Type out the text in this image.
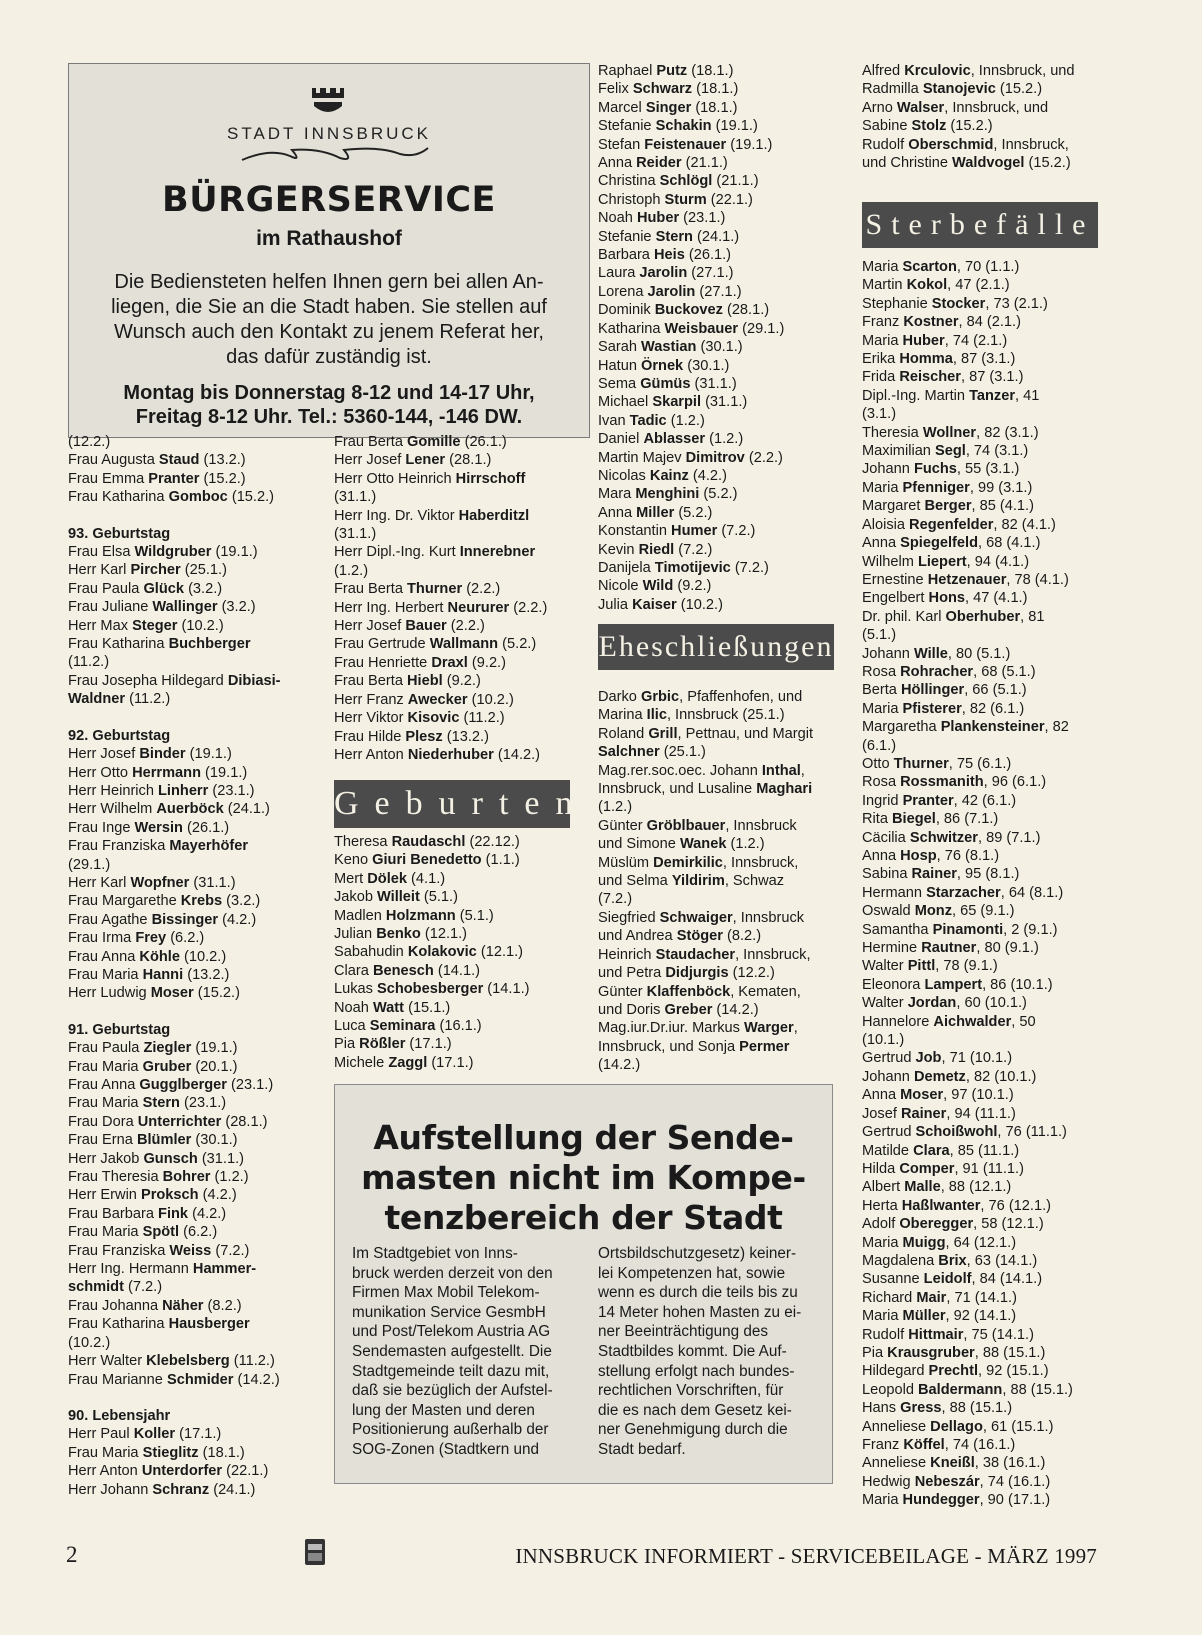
STADT INNSBRUCK
BÜRGERSERVICE
im Rathaushof
Die Bediensteten helfen Ihnen gern bei allen An-
liegen, die Sie an die Stadt haben. Sie stellen auf
Wunsch auch den Kontakt zu jenem Referat her,
das dafür zuständig ist.
Montag bis Donnerstag 8-12 und 14-17 Uhr,
Freitag 8-12 Uhr. Tel.: 5360-144, -146 DW.
(12.2.)
Frau Augusta Staud (13.2.)
Frau Emma Pranter (15.2.)
Frau Katharina Gomboc (15.2.)
93. Geburtstag
Frau Elsa Wildgruber (19.1.)
Herr Karl Pircher (25.1.)
Frau Paula Glück (3.2.)
Frau Juliane Wallinger (3.2.)
Herr Max Steger (10.2.)
Frau Katharina Buchberger
(11.2.)
Frau Josepha Hildegard Dibiasi-
Waldner (11.2.)
92. Geburtstag
Herr Josef Binder (19.1.)
Herr Otto Herrmann (19.1.)
Herr Heinrich Linherr (23.1.)
Herr Wilhelm Auerböck (24.1.)
Frau Inge Wersin (26.1.)
Frau Franziska Mayerhöfer
(29.1.)
Herr Karl Wopfner (31.1.)
Frau Margarethe Krebs (3.2.)
Frau Agathe Bissinger (4.2.)
Frau Irma Frey (6.2.)
Frau Anna Köhle (10.2.)
Frau Maria Hanni (13.2.)
Herr Ludwig Moser (15.2.)
91. Geburtstag
Frau Paula Ziegler (19.1.)
Frau Maria Gruber (20.1.)
Frau Anna Gugglberger (23.1.)
Frau Maria Stern (23.1.)
Frau Dora Unterrichter (28.1.)
Frau Erna Blümler (30.1.)
Herr Jakob Gunsch (31.1.)
Frau Theresia Bohrer (1.2.)
Herr Erwin Proksch (4.2.)
Frau Barbara Fink (4.2.)
Frau Maria Spötl (6.2.)
Frau Franziska Weiss (7.2.)
Herr Ing. Hermann Hammer-
schmidt (7.2.)
Frau Johanna Näher (8.2.)
Frau Katharina Hausberger
(10.2.)
Herr Walter Klebelsberg (11.2.)
Frau Marianne Schmider (14.2.)
90. Lebensjahr
Herr Paul Koller (17.1.)
Frau Maria Stieglitz (18.1.)
Herr Anton Unterdorfer (22.1.)
Herr Johann Schranz (24.1.)
Frau Berta Gomille (26.1.)
Herr Josef Lener (28.1.)
Herr Otto Heinrich Hirrschoff
(31.1.)
Herr Ing. Dr. Viktor Haberditzl
(31.1.)
Herr Dipl.-Ing. Kurt Innerebner
(1.2.)
Frau Berta Thurner (2.2.)
Herr Ing. Herbert Neururer (2.2.)
Herr Josef Bauer (2.2.)
Frau Gertrude Wallmann (5.2.)
Frau Henriette Draxl (9.2.)
Frau Berta Hiebl (9.2.)
Herr Franz Awecker (10.2.)
Herr Viktor Kisovic (11.2.)
Frau Hilde Plesz (13.2.)
Herr Anton Niederhuber (14.2.)
Geburten
Theresa Raudaschl (22.12.)
Keno Giuri Benedetto (1.1.)
Mert Dölek (4.1.)
Jakob Willeit (5.1.)
Madlen Holzmann (5.1.)
Julian Benko (12.1.)
Sabahudin Kolakovic (12.1.)
Clara Benesch (14.1.)
Lukas Schobesberger (14.1.)
Noah Watt (15.1.)
Luca Seminara (16.1.)
Pia Rößler (17.1.)
Michele Zaggl (17.1.)
Raphael Putz (18.1.)
Felix Schwarz (18.1.)
Marcel Singer (18.1.)
Stefanie Schakin (19.1.)
Stefan Feistenauer (19.1.)
Anna Reider (21.1.)
Christina Schlögl (21.1.)
Christoph Sturm (22.1.)
Noah Huber (23.1.)
Stefanie Stern (24.1.)
Barbara Heis (26.1.)
Laura Jarolin (27.1.)
Lorena Jarolin (27.1.)
Dominik Buckovez (28.1.)
Katharina Weisbauer (29.1.)
Sarah Wastian (30.1.)
Hatun Örnek (30.1.)
Sema Gümüs (31.1.)
Michael Skarpil (31.1.)
Ivan Tadic (1.2.)
Daniel Ablasser (1.2.)
Martin Majev Dimitrov (2.2.)
Nicolas Kainz (4.2.)
Mara Menghini (5.2.)
Anna Miller (5.2.)
Konstantin Humer (7.2.)
Kevin Riedl (7.2.)
Danijela Timotijevic (7.2.)
Nicole Wild (9.2.)
Julia Kaiser (10.2.)
Eheschließungen
Darko Grbic, Pfaffenhofen, und
Marina Ilic, Innsbruck (25.1.)
Roland Grill, Pettnau, und Margit
Salchner (25.1.)
Mag.rer.soc.oec. Johann Inthal,
Innsbruck, und Lusaline Maghari
(1.2.)
Günter Gröblbauer, Innsbruck
und Simone Wanek (1.2.)
Müslüm Demirkilic, Innsbruck,
und Selma Yildirim, Schwaz
(7.2.)
Siegfried Schwaiger, Innsbruck
und Andrea Stöger (8.2.)
Heinrich Staudacher, Innsbruck,
und Petra Didjurgis (12.2.)
Günter Klaffenböck, Kematen,
und Doris Greber (14.2.)
Mag.iur.Dr.iur. Markus Warger,
Innsbruck, und Sonja Permer
(14.2.)
Alfred Krculovic, Innsbruck, und
Radmilla Stanojevic (15.2.)
Arno Walser, Innsbruck, und
Sabine Stolz (15.2.)
Rudolf Oberschmid, Innsbruck,
und Christine Waldvogel (15.2.)
Sterbefälle
Maria Scarton, 70 (1.1.)
Martin Kokol, 47 (2.1.)
Stephanie Stocker, 73 (2.1.)
Franz Kostner, 84 (2.1.)
Maria Huber, 74 (2.1.)
Erika Homma, 87 (3.1.)
Frida Reischer, 87 (3.1.)
Dipl.-Ing. Martin Tanzer, 41
(3.1.)
Theresia Wollner, 82 (3.1.)
Maximilian Segl, 74 (3.1.)
Johann Fuchs, 55 (3.1.)
Maria Pfenniger, 99 (3.1.)
Margaret Berger, 85 (4.1.)
Aloisia Regenfelder, 82 (4.1.)
Anna Spiegelfeld, 68 (4.1.)
Wilhelm Liepert, 94 (4.1.)
Ernestine Hetzenauer, 78 (4.1.)
Engelbert Hons, 47 (4.1.)
Dr. phil. Karl Oberhuber, 81
(5.1.)
Johann Wille, 80 (5.1.)
Rosa Rohracher, 68 (5.1.)
Berta Höllinger, 66 (5.1.)
Maria Pfisterer, 82 (6.1.)
Margaretha Plankensteiner, 82
(6.1.)
Otto Thurner, 75 (6.1.)
Rosa Rossmanith, 96 (6.1.)
Ingrid Pranter, 42 (6.1.)
Rita Biegel, 86 (7.1.)
Cäcilia Schwitzer, 89 (7.1.)
Anna Hosp, 76 (8.1.)
Sabina Rainer, 95 (8.1.)
Hermann Starzacher, 64 (8.1.)
Oswald Monz, 65 (9.1.)
Samantha Pinamonti, 2 (9.1.)
Hermine Rautner, 80 (9.1.)
Walter Pittl, 78 (9.1.)
Eleonora Lampert, 86 (10.1.)
Walter Jordan, 60 (10.1.)
Hannelore Aichwalder, 50
(10.1.)
Gertrud Job, 71 (10.1.)
Johann Demetz, 82 (10.1.)
Anna Moser, 97 (10.1.)
Josef Rainer, 94 (11.1.)
Gertrud Schoißwohl, 76 (11.1.)
Matilde Clara, 85 (11.1.)
Hilda Comper, 91 (11.1.)
Albert Malle, 88 (12.1.)
Herta Haßlwanter, 76 (12.1.)
Adolf Oberegger, 58 (12.1.)
Maria Muigg, 64 (12.1.)
Magdalena Brix, 63 (14.1.)
Susanne Leidolf, 84 (14.1.)
Richard Mair, 71 (14.1.)
Maria Müller, 92 (14.1.)
Rudolf Hittmair, 75 (14.1.)
Pia Krausgruber, 88 (15.1.)
Hildegard Prechtl, 92 (15.1.)
Leopold Baldermann, 88 (15.1.)
Hans Gress, 88 (15.1.)
Anneliese Dellago, 61 (15.1.)
Franz Köffel, 74 (16.1.)
Anneliese Kneißl, 38 (16.1.)
Hedwig Nebeszár, 74 (16.1.)
Maria Hundegger, 90 (17.1.)
Aufstellung der Sende-
masten nicht im Kompe-
tenzbereich der Stadt
Im Stadtgebiet von Inns-
bruck werden derzeit von den
Firmen Max Mobil Telekom-
munikation Service GesmbH
und Post/Telekom Austria AG
Sendemasten aufgestellt. Die
Stadtgemeinde teilt dazu mit,
daß sie bezüglich der Aufstel-
lung der Masten und deren
Positionierung außerhalb der
SOG-Zonen (Stadtkern und
Ortsbildschutzgesetz) keiner-
lei Kompetenzen hat, sowie
wenn es durch die teils bis zu
14 Meter hohen Masten zu ei-
ner Beeinträchtigung des
Stadtbildes kommt. Die Auf-
stellung erfolgt nach bundes-
rechtlichen Vorschriften, für
die es nach dem Gesetz kei-
ner Genehmigung durch die
Stadt bedarf.
2	INNSBRUCK INFORMIERT - SERVICEBEILAGE - MÄRZ 1997
